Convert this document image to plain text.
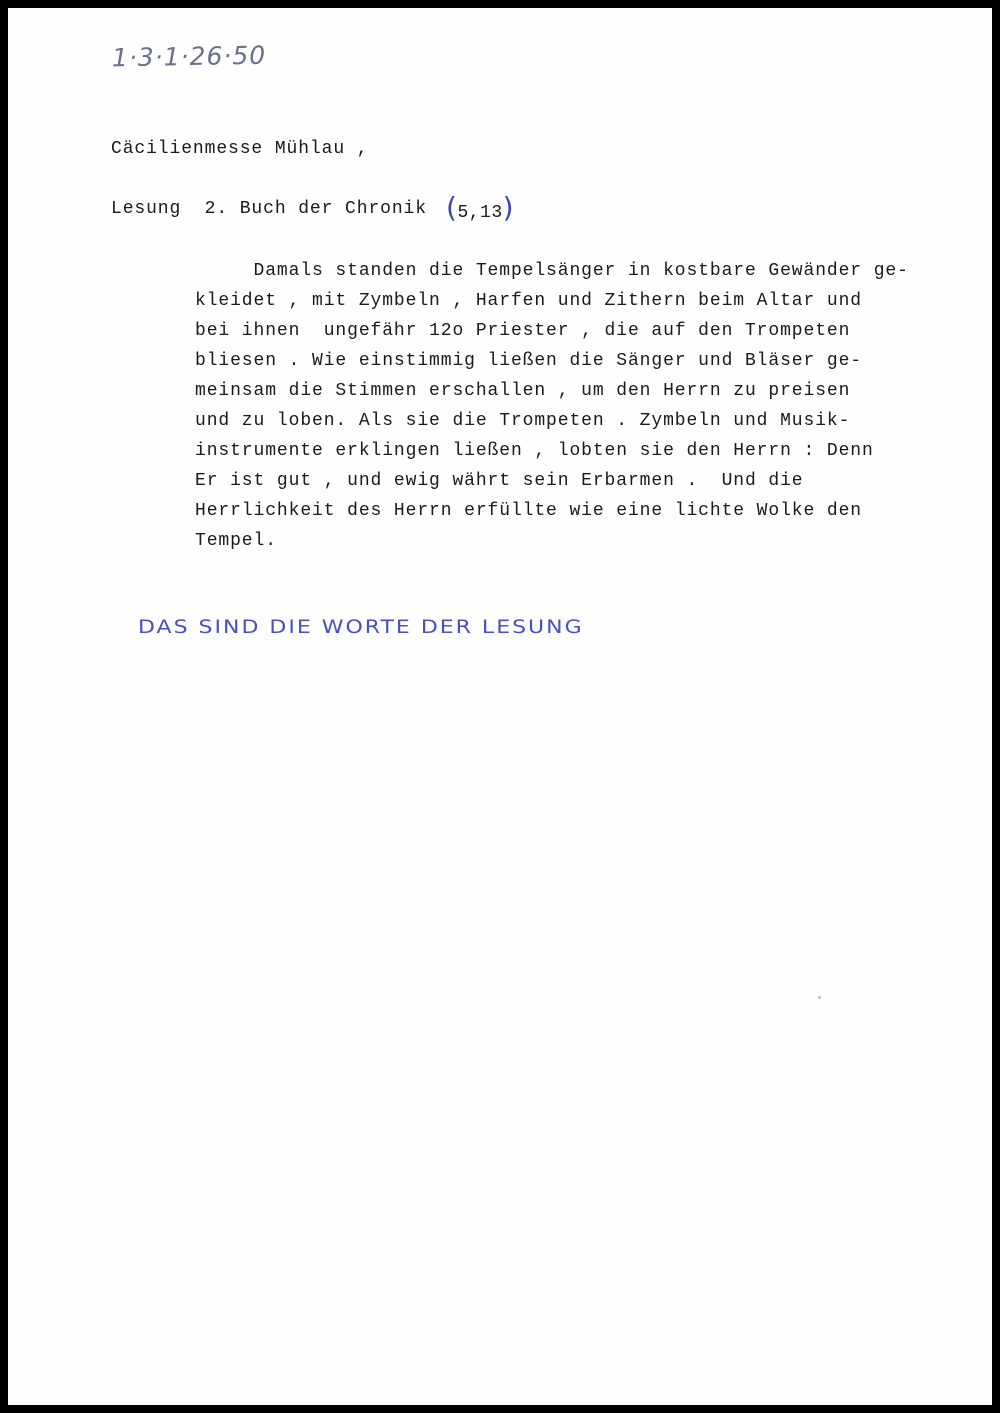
1·3·1·26·50
Cäcilienmesse Mühlau ,
Lesung  2. Buch der Chronik (5,13)
Damals standen die Tempelsänger in kostbare Gewänder ge-
kleidet , mit Zymbeln , Harfen und Zithern beim Altar und
bei ihnen  ungefähr 12o Priester , die auf den Trompeten
bliesen . Wie einstimmig ließen die Sänger und Bläser ge-
meinsam die Stimmen erschallen , um den Herrn zu preisen
und zu loben. Als sie die Trompeten . Zymbeln und Musik-
instrumente erklingen ließen , lobten sie den Herrn : Denn
Er ist gut , und ewig währt sein Erbarmen .  Und die
Herrlichkeit des Herrn erfüllte wie eine lichte Wolke den
Tempel.
DAS SIND DIE WORTE DER LESUNG
